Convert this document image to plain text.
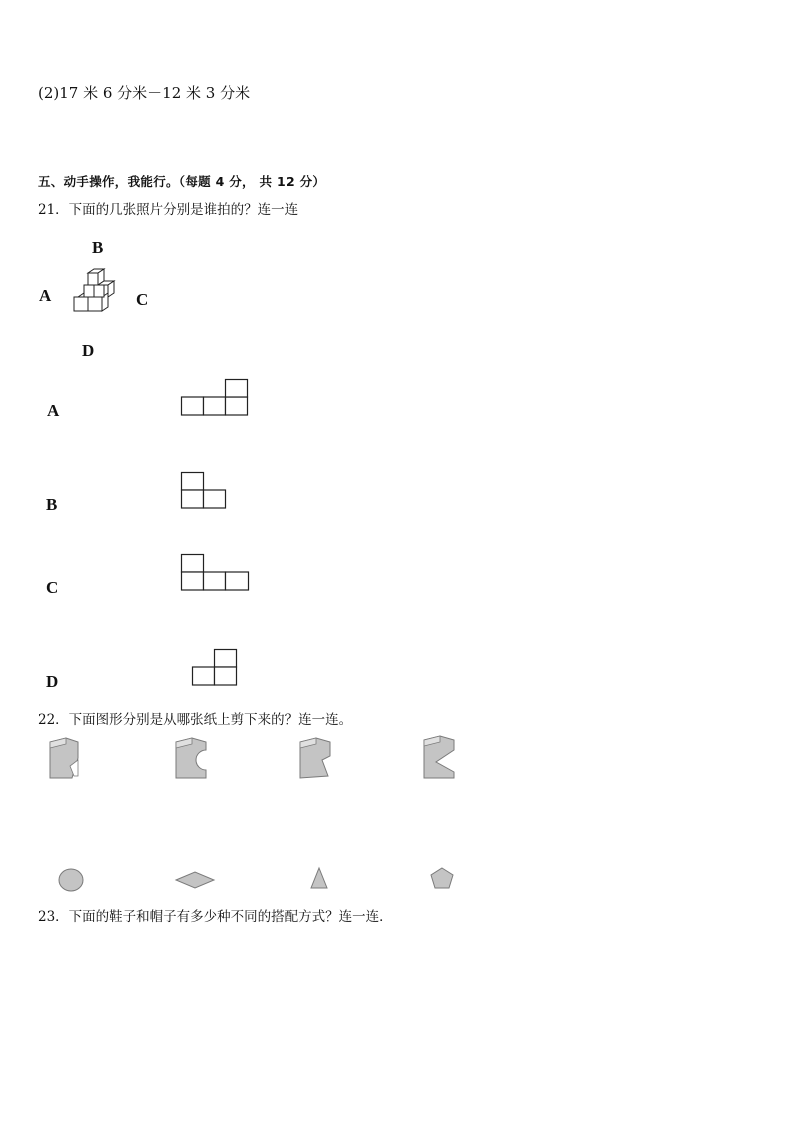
(2)17 米 6 分米－12 米 3 分米
五、动手操作，我能行。（每题 4 分， 共 12 分）
21．下面的几张照片分别是谁拍的？连一连
B
A	C
D
A
B
C
D
22．下面图形分别是从哪张纸上剪下来的？连一连。
23．下面的鞋子和帽子有多少种不同的搭配方式？连一连．
